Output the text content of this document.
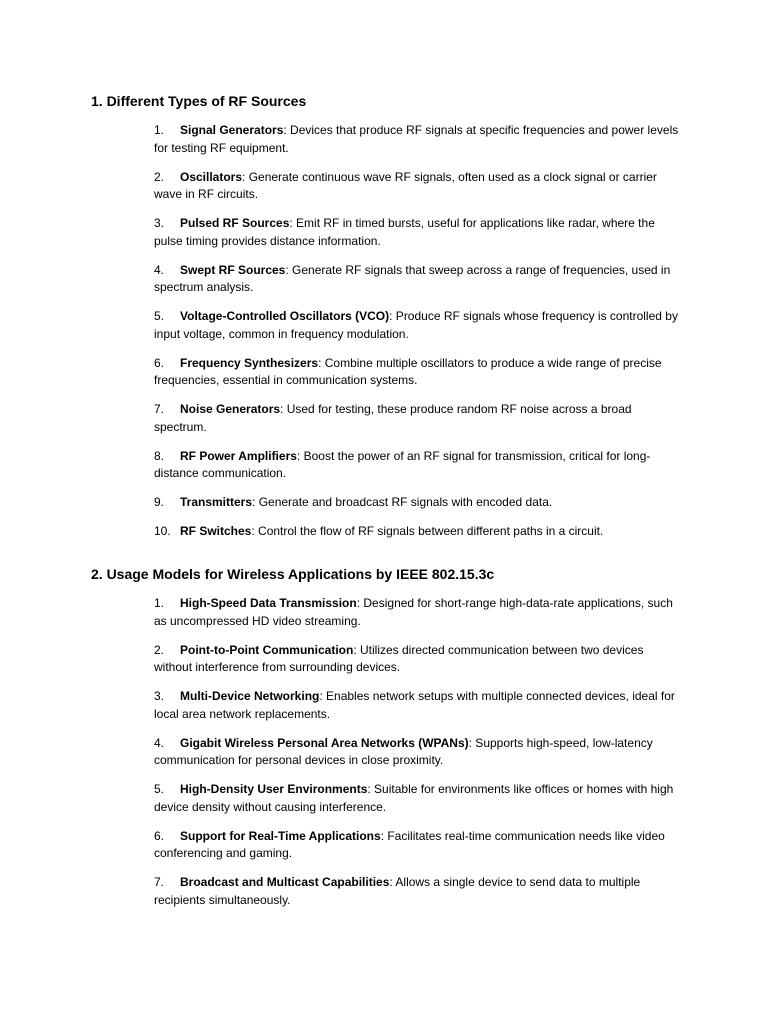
1. Different Types of RF Sources
1. Signal Generators: Devices that produce RF signals at specific frequencies and power levels for testing RF equipment.
2. Oscillators: Generate continuous wave RF signals, often used as a clock signal or carrier wave in RF circuits.
3. Pulsed RF Sources: Emit RF in timed bursts, useful for applications like radar, where the pulse timing provides distance information.
4. Swept RF Sources: Generate RF signals that sweep across a range of frequencies, used in spectrum analysis.
5. Voltage-Controlled Oscillators (VCO): Produce RF signals whose frequency is controlled by input voltage, common in frequency modulation.
6. Frequency Synthesizers: Combine multiple oscillators to produce a wide range of precise frequencies, essential in communication systems.
7. Noise Generators: Used for testing, these produce random RF noise across a broad spectrum.
8. RF Power Amplifiers: Boost the power of an RF signal for transmission, critical for long-distance communication.
9. Transmitters: Generate and broadcast RF signals with encoded data.
10. RF Switches: Control the flow of RF signals between different paths in a circuit.
2. Usage Models for Wireless Applications by IEEE 802.15.3c
1. High-Speed Data Transmission: Designed for short-range high-data-rate applications, such as uncompressed HD video streaming.
2. Point-to-Point Communication: Utilizes directed communication between two devices without interference from surrounding devices.
3. Multi-Device Networking: Enables network setups with multiple connected devices, ideal for local area network replacements.
4. Gigabit Wireless Personal Area Networks (WPANs): Supports high-speed, low-latency communication for personal devices in close proximity.
5. High-Density User Environments: Suitable for environments like offices or homes with high device density without causing interference.
6. Support for Real-Time Applications: Facilitates real-time communication needs like video conferencing and gaming.
7. Broadcast and Multicast Capabilities: Allows a single device to send data to multiple recipients simultaneously.
